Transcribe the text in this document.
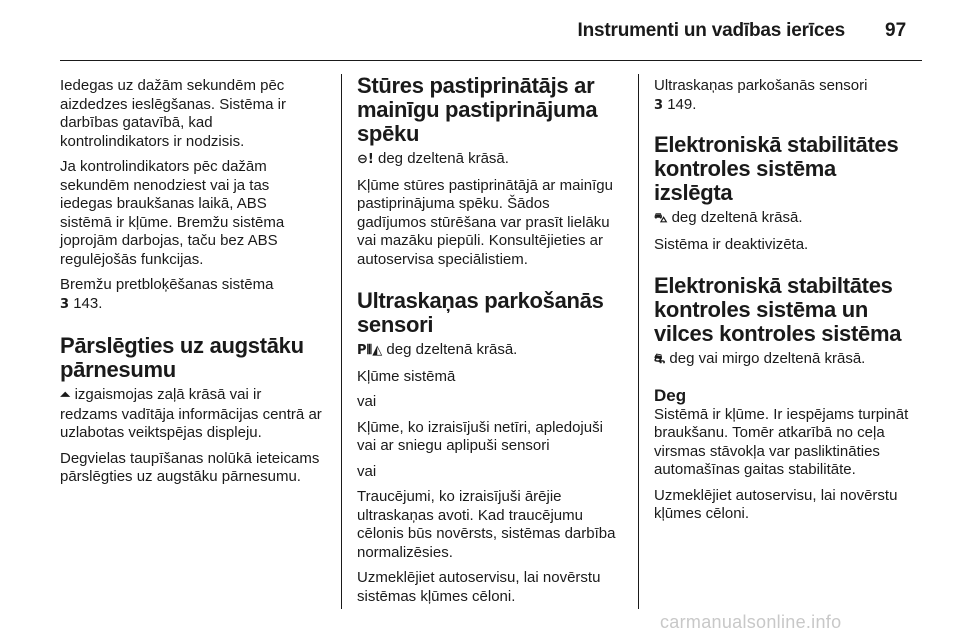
Instrumenti un vadības ierīces 97

Iedegas uz dažām sekundēm pēc aizdedzes ieslēgšanas. Sistēma ir darbības gatavībā, kad kontrolindikators ir nodzisis.

Ja kontrolindikators pēc dažām sekundēm nenodziest vai ja tas iedegas braukšanas laikā, ABS sistēmā ir kļūme. Bremžu sistēma joprojām darbojas, taču bez ABS regulējošās funkcijas.

Bremžu pretbloķēšanas sistēma
3 143.

Pārslēgties uz augstāku pārnesumu

⏶ izgaismojas zaļā krāsā vai ir redzams vadītāja informācijas centrā ar uzlabotas veiktspējas displeju.

Degvielas taupīšanas nolūkā ieteicams pārslēgties uz augstāku pārnesumu.

Stūres pastiprinātājs ar mainīgu pastiprinājuma spēku

⊖! deg dzeltenā krāsā.

Kļūme stūres pastiprinātājā ar mainīgu pastiprinājuma spēku. Šādos gadījumos stūrēšana var prasīt lielāku vai mazāku piepūli. Konsultējieties ar autoservisa speciālistiem.

Ultraskaņas parkošanās sensori

P⦀◭ deg dzeltenā krāsā.

Kļūme sistēmā

vai

Kļūme, ko izraisījuši netīri, apledojuši vai ar sniegu aplipuši sensori

vai

Traucējumi, ko izraisījuši ārējie ultraskaņas avoti. Kad traucējumu cēlonis būs novērsts, sistēmas darbība normalizēsies.

Uzmeklējiet autoservisu, lai novērstu sistēmas kļūmes cēloni.

Ultraskaņas parkošanās sensori
3 149.

Elektroniskā stabilitātes kontroles sistēma izslēgta

⛍ deg dzeltenā krāsā.

Sistēma ir deaktivizēta.

Elektroniskā stabiltātes kontroles sistēma un vilces kontroles sistēma

⛐ deg vai mirgo dzeltenā krāsā.

Deg

Sistēmā ir kļūme. Ir iespējams turpināt braukšanu. Tomēr atkarībā no ceļa virsmas stāvokļa var pasliktināties automašīnas gaitas stabilitāte.

Uzmeklējiet autoservisu, lai novērstu kļūmes cēloni.

carmanualsonline.info
